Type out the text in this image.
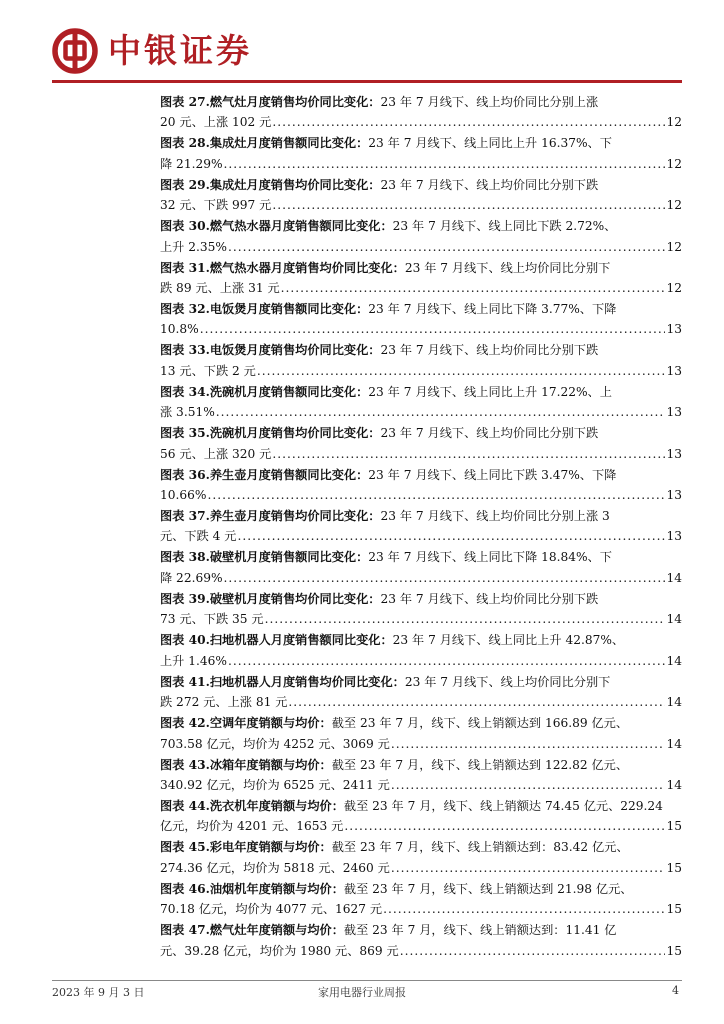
中银证券
图表 27.燃气灶月度销售均价同比变化：23 年 7 月线下、线上均价同比分别上涨
20 元、上涨 102 元 .....	12
图表 28.集成灶月度销售额同比变化：23 年 7 月线下、线上同比上升 16.37%、下
降 21.29% .....	12
图表 29.集成灶月度销售均价同比变化：23 年 7 月线下、线上均价同比分别下跌
32 元、下跌 997 元 .....	12
图表 30.燃气热水器月度销售额同比变化：23 年 7 月线下、线上同比下跌 2.72%、
上升 2.35% .....	12
图表 31.燃气热水器月度销售均价同比变化：23 年 7 月线下、线上均价同比分别下
跌 89 元、上涨 31 元 .....	12
图表 32.电饭煲月度销售额同比变化：23 年 7 月线下、线上同比下降 3.77%、下降
10.8% .....	13
图表 33.电饭煲月度销售均价同比变化：23 年 7 月线下、线上均价同比分别下跌
13 元、下跌 2 元 .....	13
图表 34.洗碗机月度销售额同比变化：23 年 7 月线下、线上同比上升 17.22%、上
涨 3.51% .....	13
图表 35.洗碗机月度销售均价同比变化：23 年 7 月线下、线上均价同比分别下跌
56 元、上涨 320 元 .....	13
图表 36.养生壶月度销售额同比变化：23 年 7 月线下、线上同比下跌 3.47%、下降
10.66% .....	13
图表 37.养生壶月度销售均价同比变化：23 年 7 月线下、线上均价同比分别上涨 3
元、下跌 4 元 .....	13
图表 38.破壁机月度销售额同比变化：23 年 7 月线下、线上同比下降 18.84%、下
降 22.69% .....	14
图表 39.破壁机月度销售均价同比变化：23 年 7 月线下、线上均价同比分别下跌
73 元、下跌 35 元 .....	14
图表 40.扫地机器人月度销售额同比变化：23 年 7 月线下、线上同比上升 42.87%、
上升 1.46% .....	14
图表 41.扫地机器人月度销售均价同比变化：23 年 7 月线下、线上均价同比分别下
跌 272 元、上涨 81 元 .....	14
图表 42.空调年度销额与均价：截至 23 年 7 月，线下、线上销额达到 166.89 亿元、
703.58 亿元，均价为 4252 元、3069 元 .....	14
图表 43.冰箱年度销额与均价：截至 23 年 7 月，线下、线上销额达到 122.82 亿元、
340.92 亿元，均价为 6525 元、2411 元 .....	14
图表 44.洗衣机年度销额与均价：截至 23 年 7 月，线下、线上销额达 74.45 亿元、229.24
亿元，均价为 4201 元、1653 元 .....	15
图表 45.彩电年度销额与均价：截至 23 年 7 月，线下、线上销额达到：83.42 亿元、
274.36 亿元，均价为 5818 元、2460 元 .....	15
图表 46.油烟机年度销额与均价：截至 23 年 7 月，线下、线上销额达到 21.98 亿元、
70.18 亿元，均价为 4077 元、1627 元 .....	15
图表 47.燃气灶年度销额与均价：截至 23 年 7 月，线下、线上销额达到：11.41 亿
元、39.28 亿元，均价为 1980 元、869 元 .....	15
2023 年 9 月 3 日	家用电器行业周报	4
